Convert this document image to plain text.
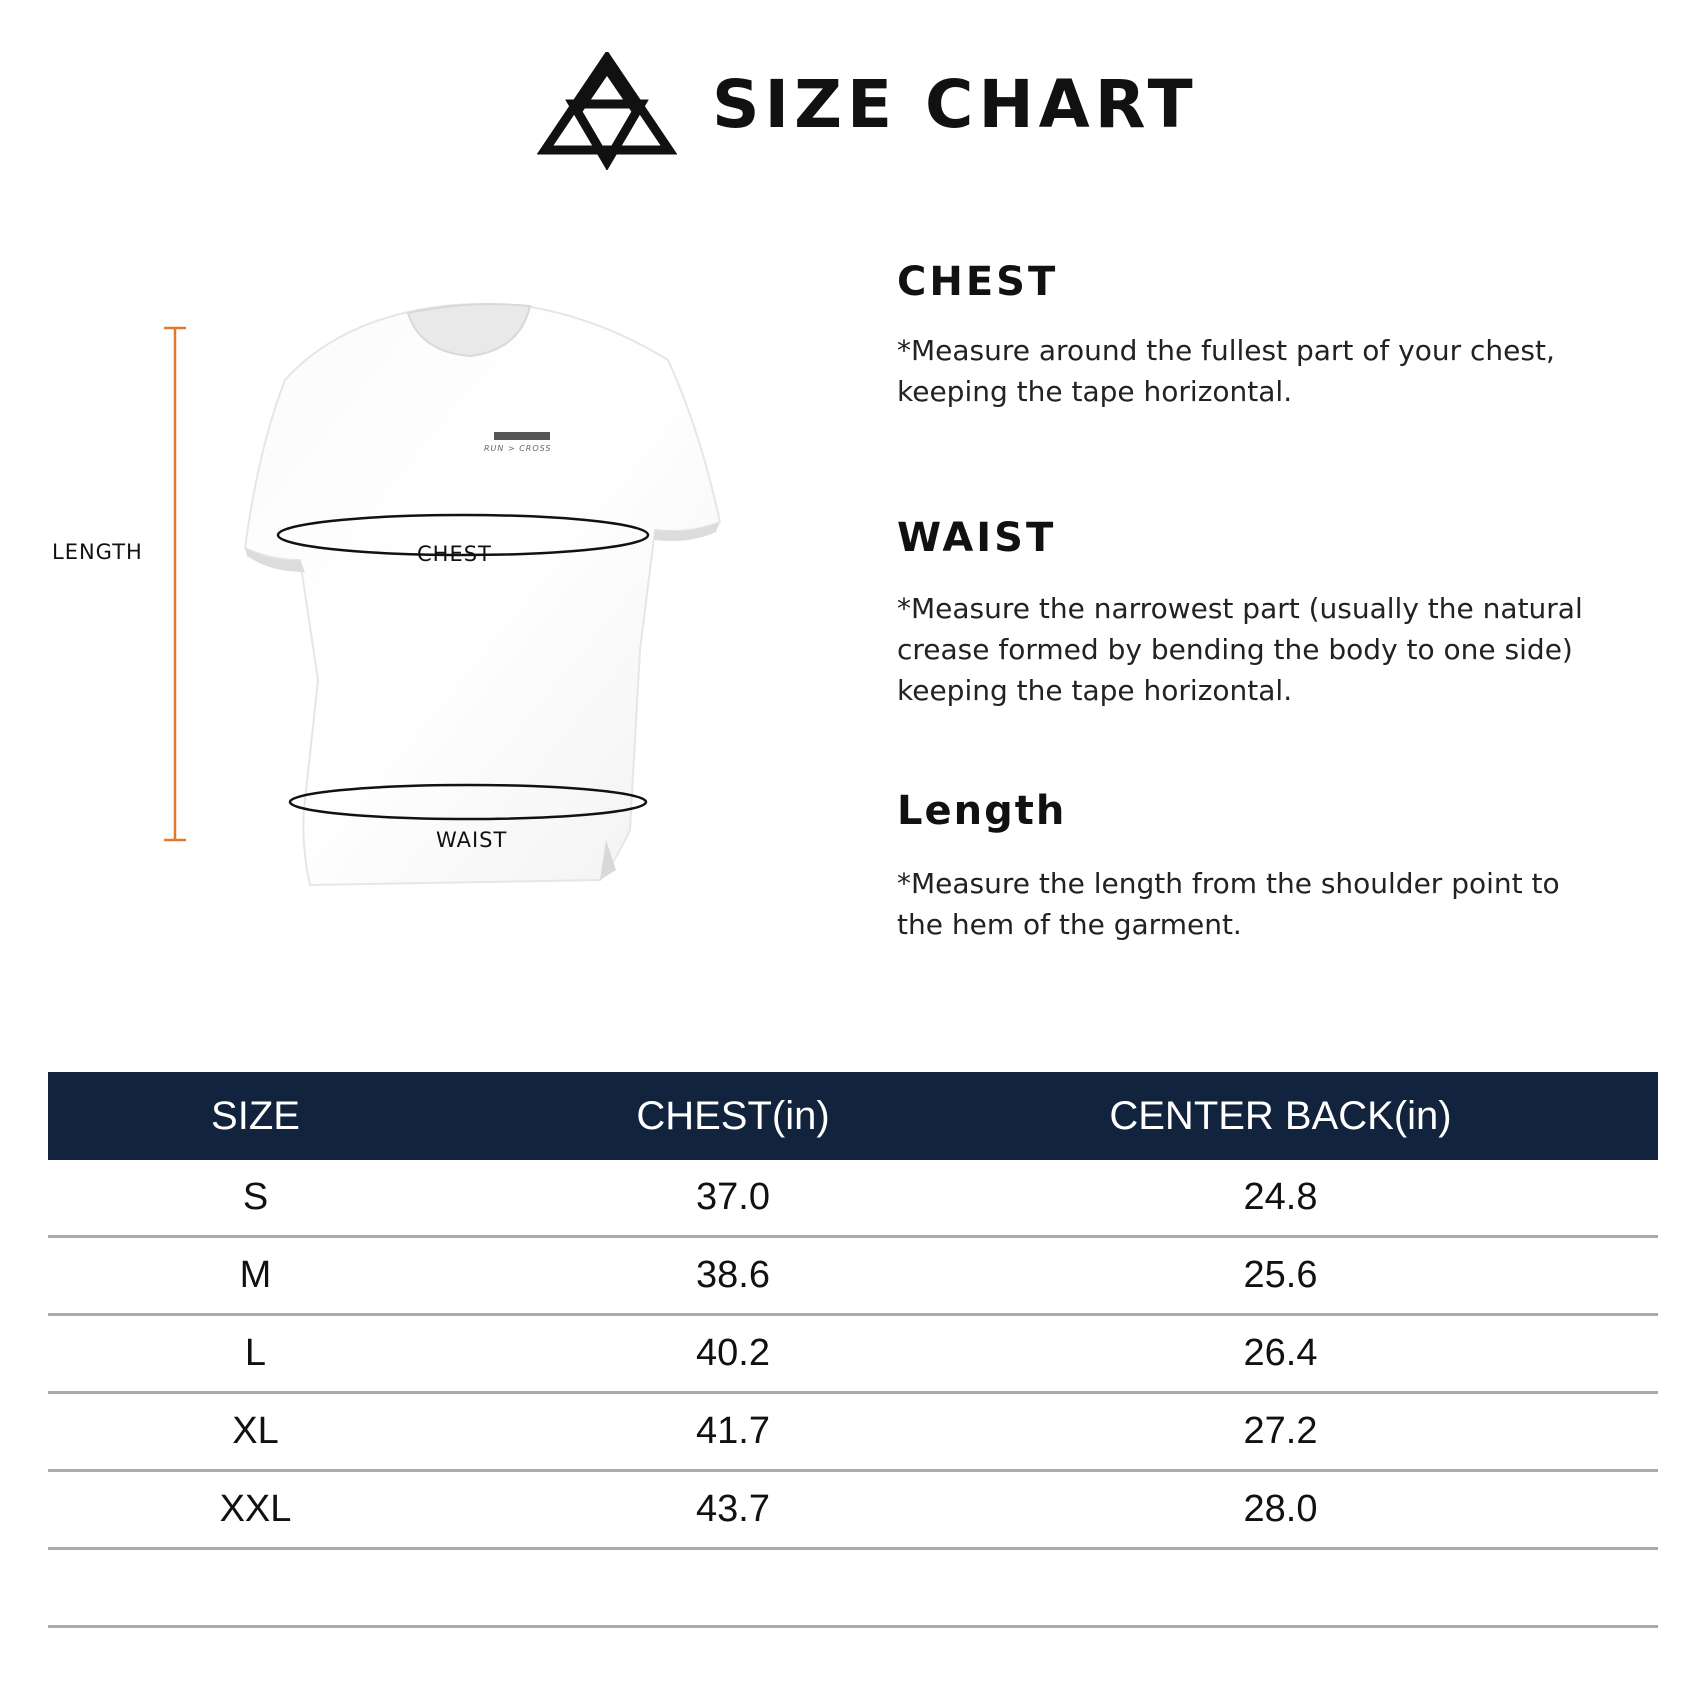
SIZE CHART
LENGTH	CHEST
WAIST
RUN > CROSS
CHEST

*Measure around the fullest part of your chest,
keeping the tape horizontal.

WAIST

*Measure the narrowest part (usually the natural
crease formed by bending the body to one side)
keeping the tape horizontal.

Length

*Measure the length from the shoulder point to
the hem of the garment.

SIZE	CHEST(in)	CENTER BACK(in)
S	37.0	24.8
M	38.6	25.6
L	40.2	26.4
XL	41.7	27.2
XXL	43.7	28.0
